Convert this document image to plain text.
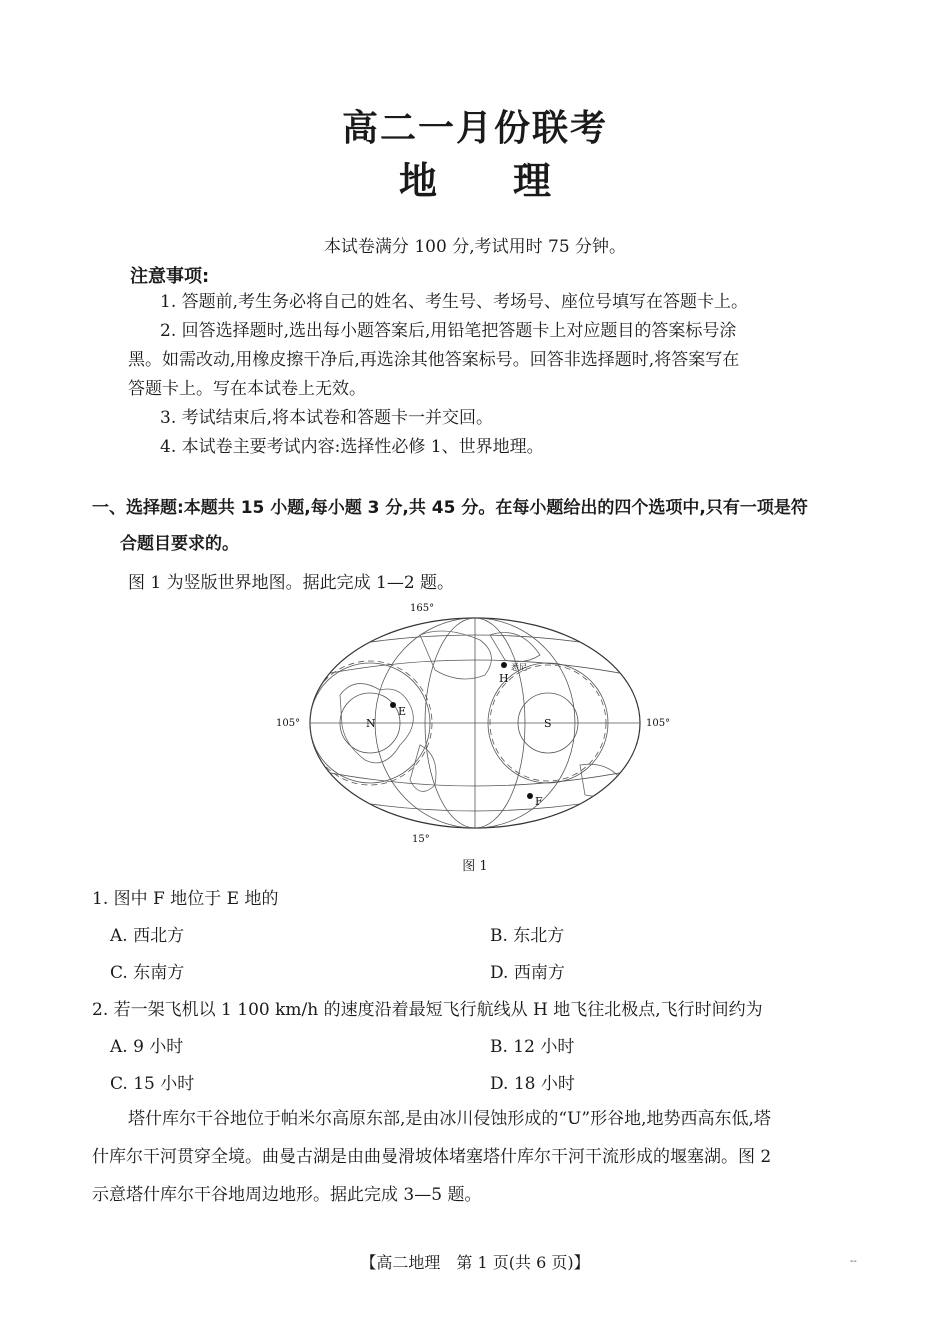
高二一月份联考
地 理
本试卷满分 100 分,考试用时 75 分钟。
注意事项:
1. 答题前,考生务必将自己的姓名、考生号、考场号、座位号填写在答题卡上。
2. 回答选择题时,选出每小题答案后,用铅笔把答题卡上对应题目的答案标号涂
黑。如需改动,用橡皮擦干净后,再选涂其他答案标号。回答非选择题时,将答案写在
答题卡上。写在本试卷上无效。
3. 考试结束后,将本试卷和答题卡一并交回。
4. 本试卷主要考试内容:选择性必修 1、世界地理。
一、选择题:本题共 15 小题,每小题 3 分,共 45 分。在每小题给出的四个选项中,只有一项是符
合题目要求的。
图 1 为竖版世界地图。据此完成 1—2 题。
E
H
F
悉尼
N	S
165°
105°	105°
15°
图 1
1. 图中 F 地位于 E 地的
A. 西北方	B. 东北方
C. 东南方	D. 西南方
2. 若一架飞机以 1 100 km/h 的速度沿着最短飞行航线从 H 地飞往北极点,飞行时间约为
A. 9 小时	B. 12 小时
C. 15 小时	D. 18 小时
塔什库尔干谷地位于帕米尔高原东部,是由冰川侵蚀形成的“U”形谷地,地势西高东低,塔
什库尔干河贯穿全境。曲曼古湖是由曲曼滑坡体堵塞塔什库尔干河干流形成的堰塞湖。图 2
示意塔什库尔干谷地周边地形。据此完成 3—5 题。
【高二地理　第 1 页(共 6 页)】	--
